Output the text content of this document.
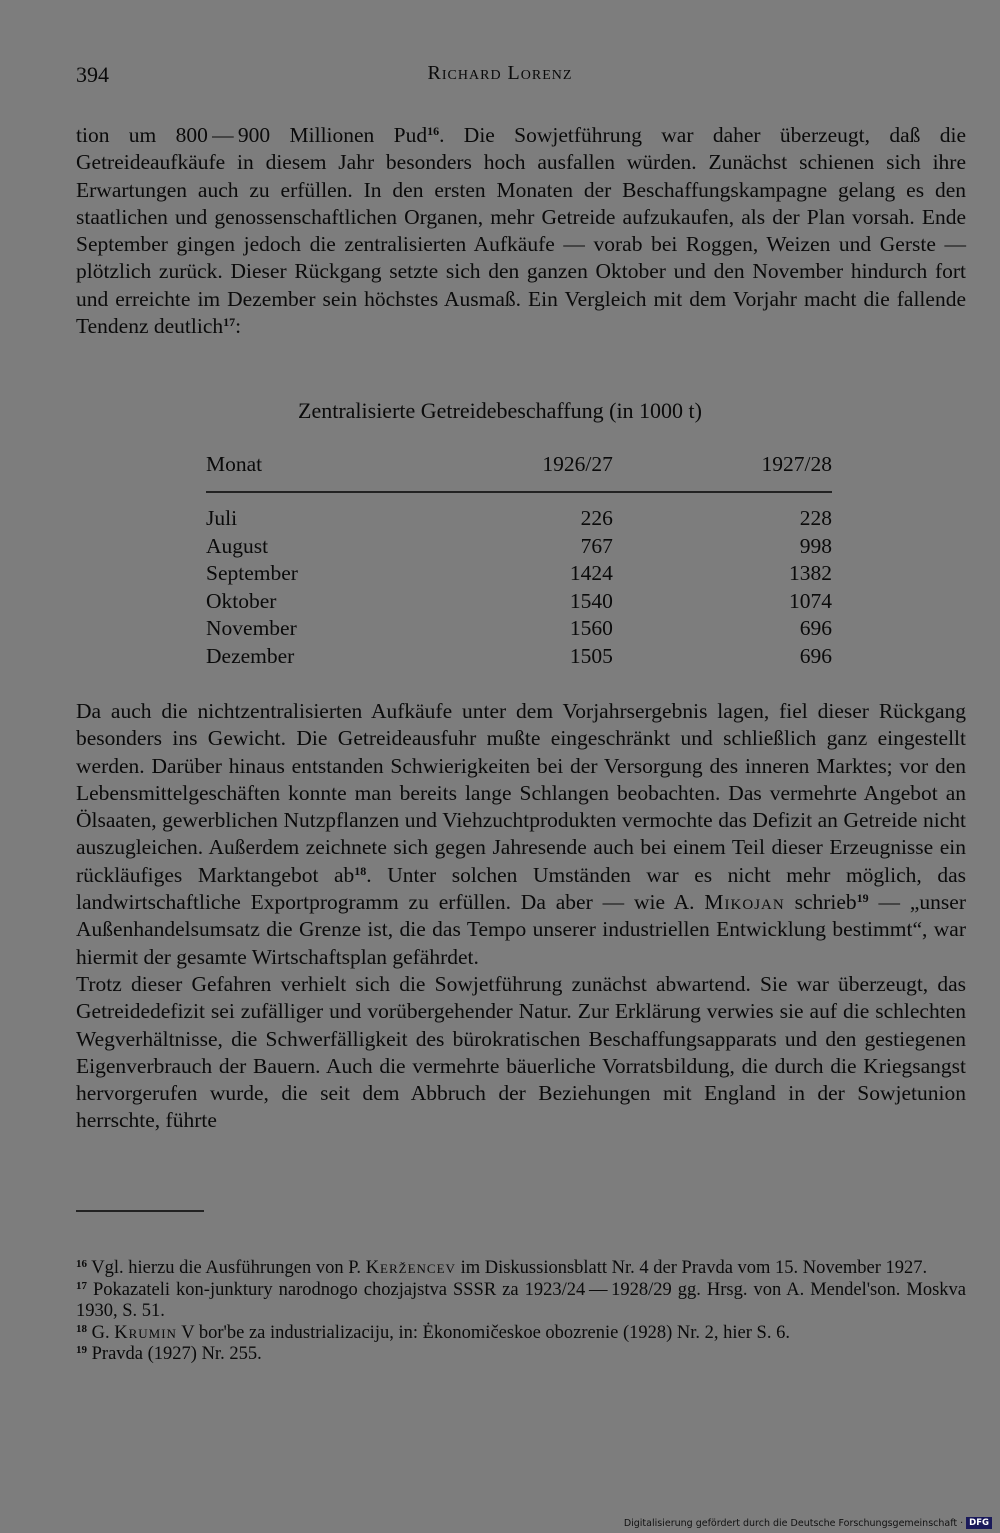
394	Richard Lorenz

tion um 800 — 900 Millionen Pud$^{16}$. Die Sowjetführung war daher überzeugt, daß die Getreideaufkäufe in diesem Jahr besonders hoch ausfallen würden. Zunächst schienen sich ihre Erwartungen auch zu erfüllen. In den ersten Monaten der Beschaffungskampagne gelang es den staatlichen und genossenschaftlichen Organen, mehr Getreide aufzukaufen, als der Plan vorsah. Ende September gingen jedoch die zentralisierten Aufkäufe — vorab bei Roggen, Weizen und Gerste — plötzlich zurück. Dieser Rückgang setzte sich den ganzen Oktober und den November hindurch fort und erreichte im Dezember sein höchstes Ausmaß. Ein Vergleich mit dem Vorjahr macht die fallende Tendenz deutlich$^{17}$:

Zentralisierte Getreidebeschaffung (in 1000 t)
Monat	1926/27	1927/28
Juli	226	228
August	767	998
September	1424	1382
Oktober	1540	1074
November	1560	696
Dezember	1505	696

Da auch die nichtzentralisierten Aufkäufe unter dem Vorjahrsergebnis lagen, fiel dieser Rückgang besonders ins Gewicht. Die Getreideausfuhr mußte eingeschränkt und schließlich ganz eingestellt werden. Darüber hinaus entstanden Schwierigkeiten bei der Versorgung des inneren Marktes; vor den Lebensmittelgeschäften konnte man bereits lange Schlangen beobachten. Das vermehrte Angebot an Ölsaaten, gewerblichen Nutzpflanzen und Viehzuchtprodukten vermochte das Defizit an Getreide nicht auszugleichen. Außerdem zeichnete sich gegen Jahresende auch bei einem Teil dieser Erzeugnisse ein rückläufiges Marktangebot $ab^{18}$. Unter solchen Umständen war es nicht mehr möglich, das landwirtschaftliche Exportprogramm zu erfüllen. Da aber — wie A. Mikojan schrieb$^{19}$ — „unser Außenhandelsumsatz die Grenze ist, die das Tempo unserer industriellen Entwicklung bestimmt“, war hiermit der gesamte Wirtschaftsplan gefährdet.

Trotz dieser Gefahren verhielt sich die Sowjetführung zunächst abwartend. Sie war überzeugt, das Getreidedefizit sei zufälliger und vorübergehender Natur. Zur Erklärung verwies sie auf die schlechten Wegverhältnisse, die Schwerfälligkeit des bürokratischen Beschaffungsapparats und den gestiegenen Eigenverbrauch der Bauern. Auch die vermehrte bäuerliche Vorratsbildung, die durch die Kriegsangst hervorgerufen wurde, die seit dem Abbruch der Beziehungen mit England in der Sowjetunion herrschte, führte

$^{16}$ Vgl. hierzu die Ausführungen von P. Keržencev im Diskussionsblatt Nr. 4 der Pravda vom 15. November 1927.

$^{17}$ Pokazateli kon-junktury narodnogo chozjajstva SSSR za 1923/24 — 1928/29 gg. Hrsg. von A. Mendel'son. Moskva 1930, S. 51.

$^{18}$ G. Krumin V bor'be za industrializaciju, in: Ėkonomičeskoe obozrenie (1928) Nr. 2, hier S. 6.

$^{19}$ Pravda (1927) Nr. 255.

Digitalisierung gefördert durch die Deutsche Forschungsgemeinschaft · DFG
